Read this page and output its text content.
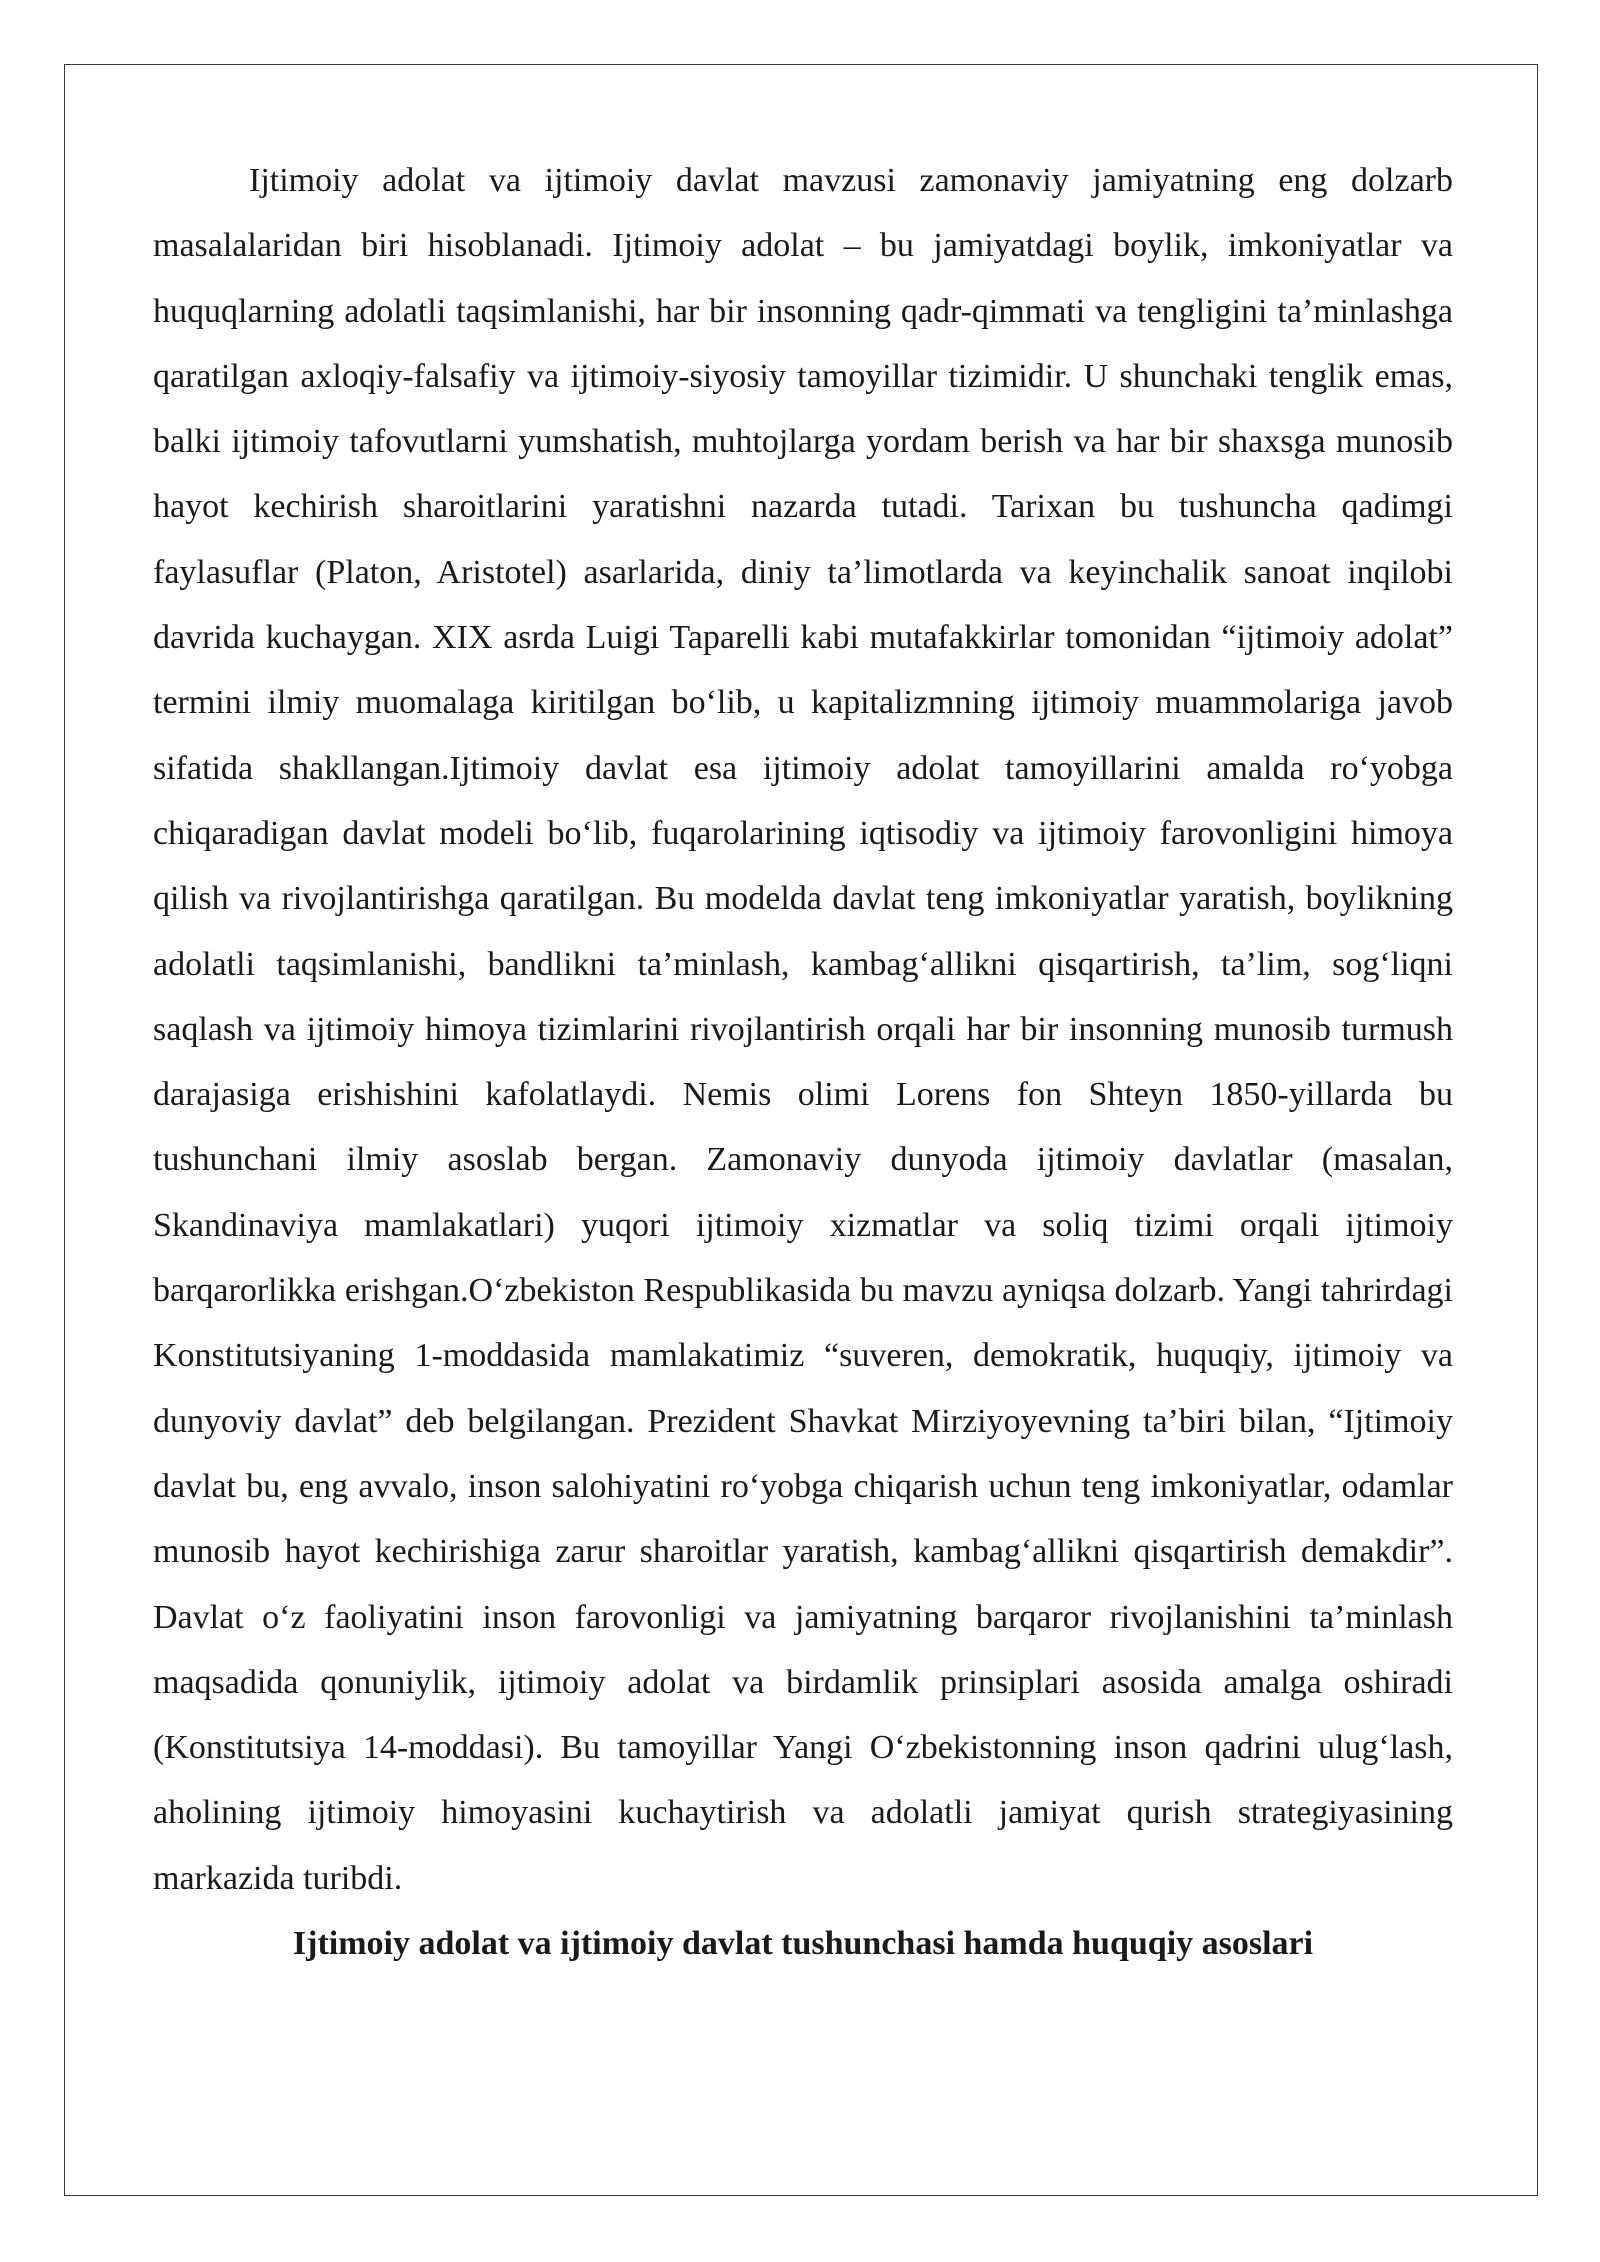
Ijtimoiy adolat va ijtimoiy davlat mavzusi zamonaviy jamiyatning eng dolzarb masalalaridan biri hisoblanadi. Ijtimoiy adolat – bu jamiyatdagi boylik, imkoniyatlar va huquqlarning adolatli taqsimlanishi, har bir insonning qadr-qimmati va tengligini ta’minlashga qaratilgan axloqiy-falsafiy va ijtimoiy-siyosiy tamoyillar tizimidir. U shunchaki tenglik emas, balki ijtimoiy tafovutlarni yumshatish, muhtojlarga yordam berish va har bir shaxsga munosib hayot kechirish sharoitlarini yaratishni nazarda tutadi. Tarixan bu tushuncha qadimgi faylasuflar (Platon, Aristotel) asarlarida, diniy ta’limotlarda va keyinchalik sanoat inqilobi davrida kuchaygan. XIX asrda Luigi Taparelli kabi mutafakkirlar tomonidan “ijtimoiy adolat” termini ilmiy muomalaga kiritilgan bo‘lib, u kapitalizmning ijtimoiy muammolariga javob sifatida shakllangan.Ijtimoiy davlat esa ijtimoiy adolat tamoyillarini amalda ro‘yobga chiqaradigan davlat modeli bo‘lib, fuqarolarining iqtisodiy va ijtimoiy farovonligini himoya qilish va rivojlantirishga qaratilgan. Bu modelda davlat teng imkoniyatlar yaratish, boylikning adolatli taqsimlanishi, bandlikni ta’minlash, kambag‘allikni qisqartirish, ta’lim, sog‘liqni saqlash va ijtimoiy himoya tizimlarini rivojlantirish orqali har bir insonning munosib turmush darajasiga erishishini kafolatlaydi. Nemis olimi Lorens fon Shteyn 1850-yillarda bu tushunchani ilmiy asoslab bergan. Zamonaviy dunyoda ijtimoiy davlatlar (masalan, Skandinaviya mamlakatlari) yuqori ijtimoiy xizmatlar va soliq tizimi orqali ijtimoiy barqarorlikka erishgan.O‘zbekiston Respublikasida bu mavzu ayniqsa dolzarb. Yangi tahrirdagi Konstitutsiyaning 1-moddasida mamlakatimiz “suveren, demokratik, huquqiy, ijtimoiy va dunyoviy davlat” deb belgilangan. Prezident Shavkat Mirziyoyevning ta’biri bilan, “Ijtimoiy davlat bu, eng avvalo, inson salohiyatini ro‘yobga chiqarish uchun teng imkoniyatlar, odamlar munosib hayot kechirishiga zarur sharoitlar yaratish, kambag‘allikni qisqartirish demakdir”. Davlat o‘z faoliyatini inson farovonligi va jamiyatning barqaror rivojlanishini ta’minlash maqsadida qonuniylik, ijtimoiy adolat va birdamlik prinsiplari asosida amalga oshiradi (Konstitutsiya 14-moddasi). Bu tamoyillar Yangi O‘zbekistonning inson qadrini ulug‘lash, aholining ijtimoiy himoyasini kuchaytirish va adolatli jamiyat qurish strategiyasining markazida turibdi.

Ijtimoiy adolat va ijtimoiy davlat tushunchasi hamda huquqiy asoslari
